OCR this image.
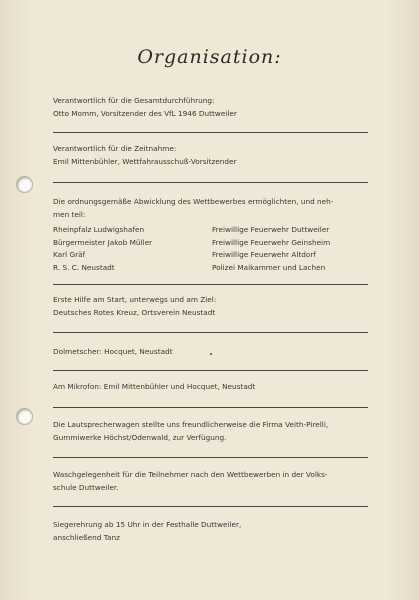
Organisation:
Verantwortlich für die Gesamtdurchführung:
Otto Momm, Vorsitzender des VfL 1946 Duttweiler
Verantwortlich für die Zeitnahme:
Emil Mittenbühler, Wettfahrausschuß-Vorsitzender
Die ordnungsgemäße Abwicklung des Wettbewerbes ermöglichten, und neh-
men teil:
Rheinpfalz Ludwigshafen
Bürgermeister Jakob Müller
Karl Gräf
R. S. C. Neustadt
Freiwillige Feuerwehr Duttweiler
Freiwillige Feuerwehr Geinsheim
Freiwillige Feuerwehr Altdorf
Polizei Maikammer und Lachen
Erste Hilfe am Start, unterwegs und am Ziel:
Deutsches Rotes Kreuz, Ortsverein Neustadt
Dolmetscher: Hocquet, Neustadt
Am Mikrofon: Emil Mittenbühler und Hocquet, Neustadt
Die Lautsprecherwagen stellte uns freundlicherweise die Firma Veith-Pirelli,
Gummiwerke Höchst/Odenwald, zur Verfügung.
Waschgelegenheit für die Teilnehmer nach den Wettbewerben in der Volks-
schule Duttweiler.
Siegerehrung ab 15 Uhr in der Festhalle Duttweiler,
anschließend Tanz
